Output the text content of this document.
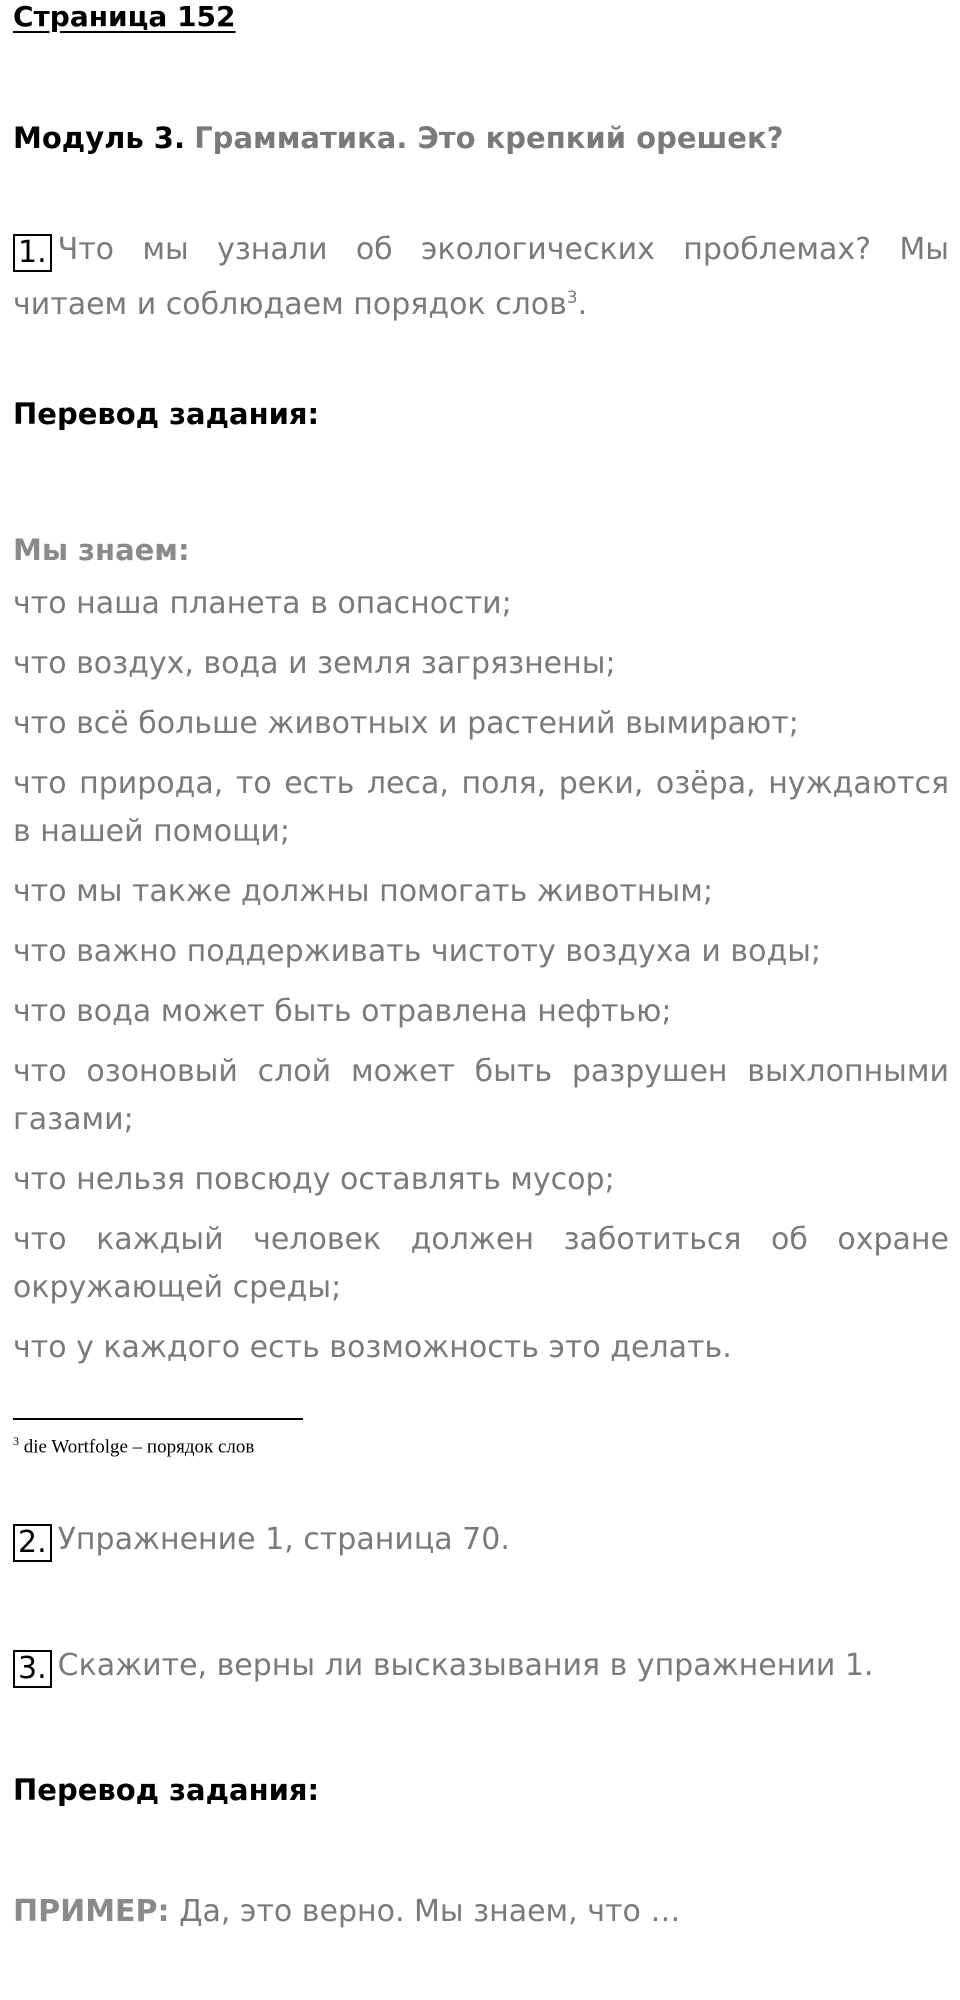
Страница 152
Модуль 3. Грамматика. Это крепкий орешек?
1. Что мы узнали об экологических проблемах? Мы читаем и соблюдаем порядок слов$^3$.
Перевод задания:
Мы знаем:
что наша планета в опасности;
что воздух, вода и земля загрязнены;
что всё больше животных и растений вымирают;
что природа, то есть леса, поля, реки, озёра, нуждаются в нашей помощи;
что мы также должны помогать животным;
что важно поддерживать чистоту воздуха и воды;
что вода может быть отравлена нефтью;
что озоновый слой может быть разрушен выхлопными газами;
что нельзя повсюду оставлять мусор;
что каждый человек должен заботиться об охране окружающей среды;
что у каждого есть возможность это делать.
$^3$ die Wortfolge – порядок слов
2. Упражнение 1, страница 70.
3. Скажите, верны ли высказывания в упражнении 1.
Перевод задания:
ПРИМЕР: Да, это верно. Мы знаем, что …
